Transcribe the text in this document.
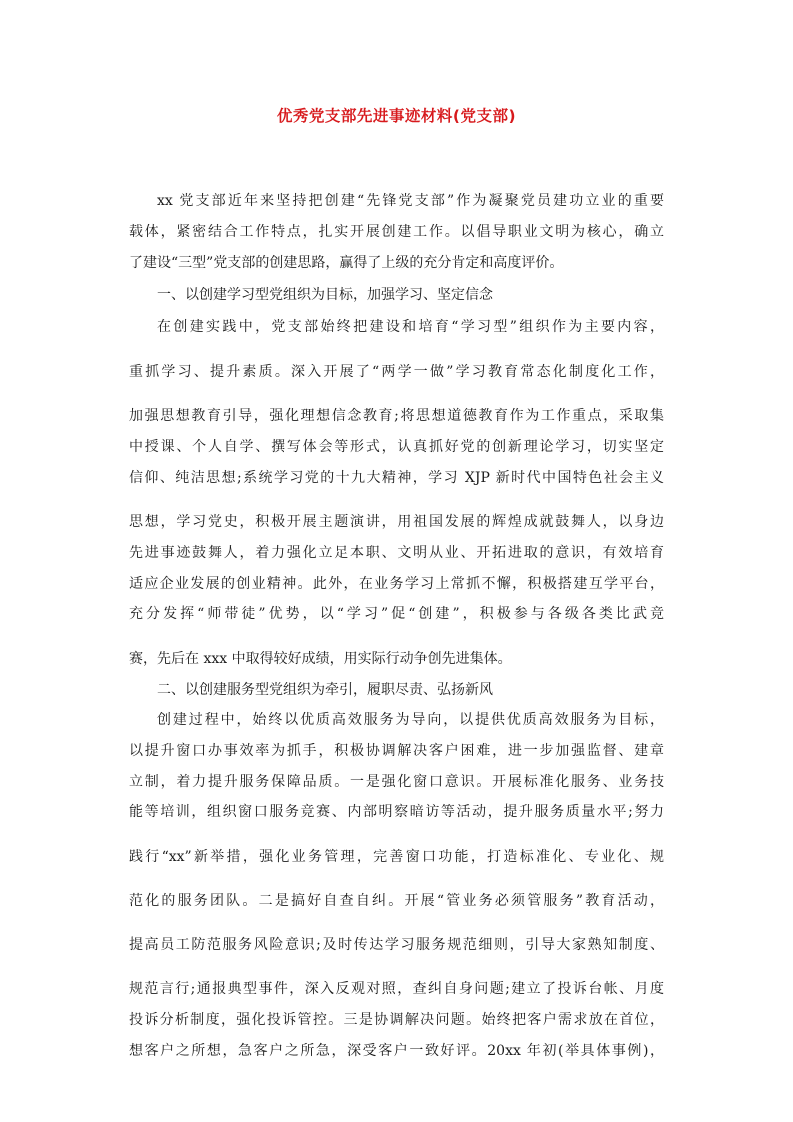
优秀党支部先进事迹材料(党支部)
xx 党支部近年来坚持把创建“先锋党支部”作为凝聚党员建功立业的重要
载体，紧密结合工作特点，扎实开展创建工作。以倡导职业文明为核心，确立
了建设“三型”党支部的创建思路，赢得了上级的充分肯定和高度评价。
一、以创建学习型党组织为目标，加强学习、坚定信念
在创建实践中，党支部始终把建设和培育“学习型”组织作为主要内容，
重抓学习、提升素质。深入开展了“两学一做”学习教育常态化制度化工作，
加强思想教育引导，强化理想信念教育;将思想道德教育作为工作重点，采取集
中授课、个人自学、撰写体会等形式，认真抓好党的创新理论学习，切实坚定
信仰、纯洁思想;系统学习党的十九大精神，学习 XJP 新时代中国特色社会主义
思想，学习党史，积极开展主题演讲，用祖国发展的辉煌成就鼓舞人，以身边
先进事迹鼓舞人，着力强化立足本职、文明从业、开拓进取的意识，有效培育
适应企业发展的创业精神。此外，在业务学习上常抓不懈，积极搭建互学平台，
充分发挥“师带徒”优势，以“学习”促“创建”，积极参与各级各类比武竞
赛，先后在 xxx 中取得较好成绩，用实际行动争创先进集体。
二、以创建服务型党组织为牵引，履职尽责、弘扬新风
创建过程中，始终以优质高效服务为导向，以提供优质高效服务为目标，
以提升窗口办事效率为抓手，积极协调解决客户困难，进一步加强监督、建章
立制，着力提升服务保障品质。一是强化窗口意识。开展标准化服务、业务技
能等培训，组织窗口服务竞赛、内部明察暗访等活动，提升服务质量水平;努力
践行“xx”新举措，强化业务管理，完善窗口功能，打造标准化、专业化、规
范化的服务团队。二是搞好自查自纠。开展“管业务必须管服务”教育活动，
提高员工防范服务风险意识;及时传达学习服务规范细则，引导大家熟知制度、
规范言行;通报典型事件，深入反观对照，查纠自身问题;建立了投诉台帐、月度
投诉分析制度，强化投诉管控。三是协调解决问题。始终把客户需求放在首位，
想客户之所想，急客户之所急，深受客户一致好评。20xx 年初(举具体事例)，
